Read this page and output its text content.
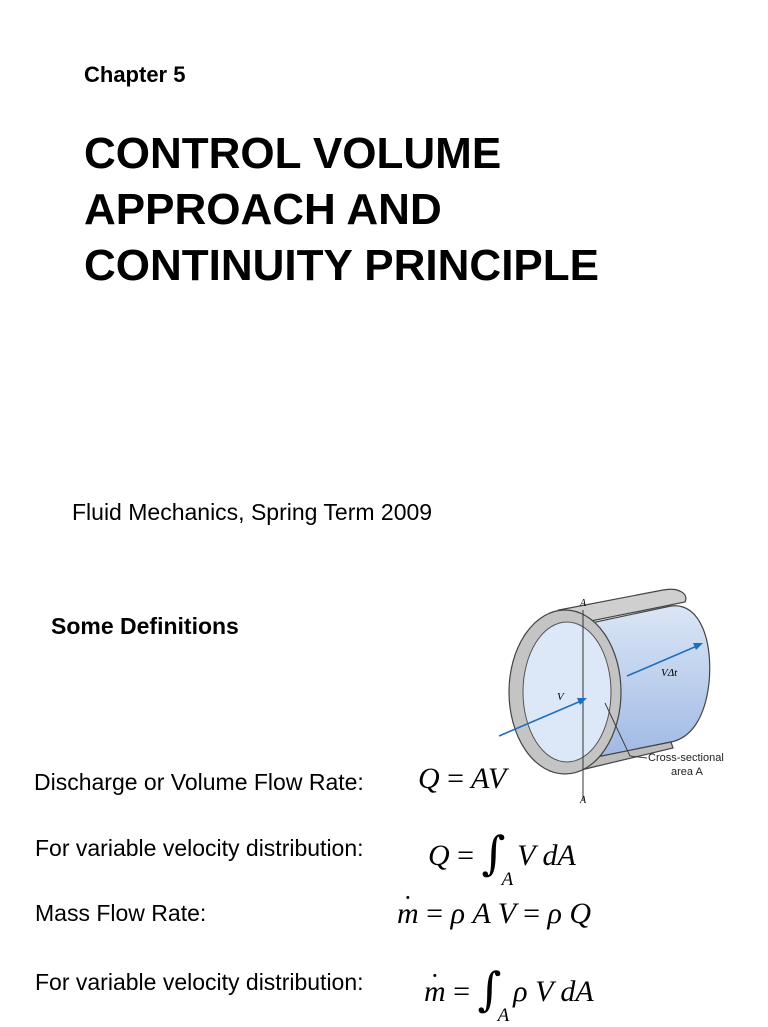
Chapter 5
CONTROL VOLUME
APPROACH AND
CONTINUITY PRINCIPLE
Fluid Mechanics, Spring Term 2009
Some Definitions
A
A
V
VΔt
Cross-sectional
area A
Discharge or Volume Flow Rate: Q = AV
For variable velocity distribution: Q = ∫AV dA
Mass Flow Rate:	· m = ρ A V = ρ Q
For variable velocity distribution: · m = ∫Aρ V dA
